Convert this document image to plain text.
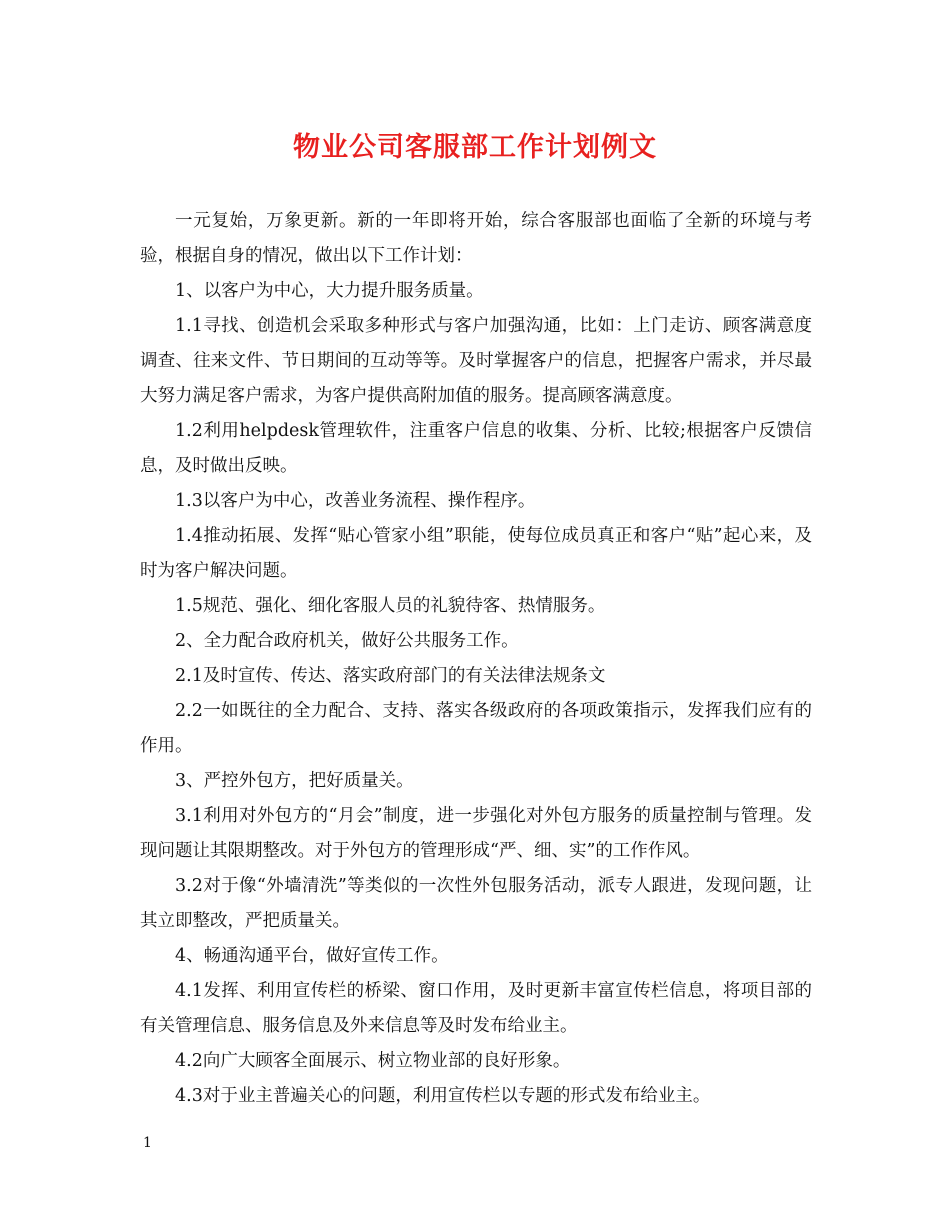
物业公司客服部工作计划例文

一元复始，万象更新。新的一年即将开始，综合客服部也面临了全新的环境与考验，根据自身的情况，做出以下工作计划：

1、以客户为中心，大力提升服务质量。

1.1寻找、创造机会采取多种形式与客户加强沟通，比如：上门走访、顾客满意度调查、往来文件、节日期间的互动等等。及时掌握客户的信息，把握客户需求，并尽最大努力满足客户需求，为客户提供高附加值的服务。提高顾客满意度。

1.2利用helpdesk管理软件，注重客户信息的收集、分析、比较;根据客户反馈信息，及时做出反映。

1.3以客户为中心，改善业务流程、操作程序。

1.4推动拓展、发挥“贴心管家小组”职能，使每位成员真正和客户“贴”起心来，及时为客户解决问题。

1.5规范、强化、细化客服人员的礼貌待客、热情服务。

2、全力配合政府机关，做好公共服务工作。

2.1及时宣传、传达、落实政府部门的有关法律法规条文

2.2一如既往的全力配合、支持、落实各级政府的各项政策指示，发挥我们应有的作用。

3、严控外包方，把好质量关。

3.1利用对外包方的“月会”制度，进一步强化对外包方服务的质量控制与管理。发现问题让其限期整改。对于外包方的管理形成“严、细、实”的工作作风。

3.2对于像“外墙清洗”等类似的一次性外包服务活动，派专人跟进，发现问题，让其立即整改，严把质量关。

4、畅通沟通平台，做好宣传工作。

4.1发挥、利用宣传栏的桥梁、窗口作用，及时更新丰富宣传栏信息，将项目部的有关管理信息、服务信息及外来信息等及时发布给业主。

4.2向广大顾客全面展示、树立物业部的良好形象。

4.3对于业主普遍关心的问题，利用宣传栏以专题的形式发布给业主。

1
